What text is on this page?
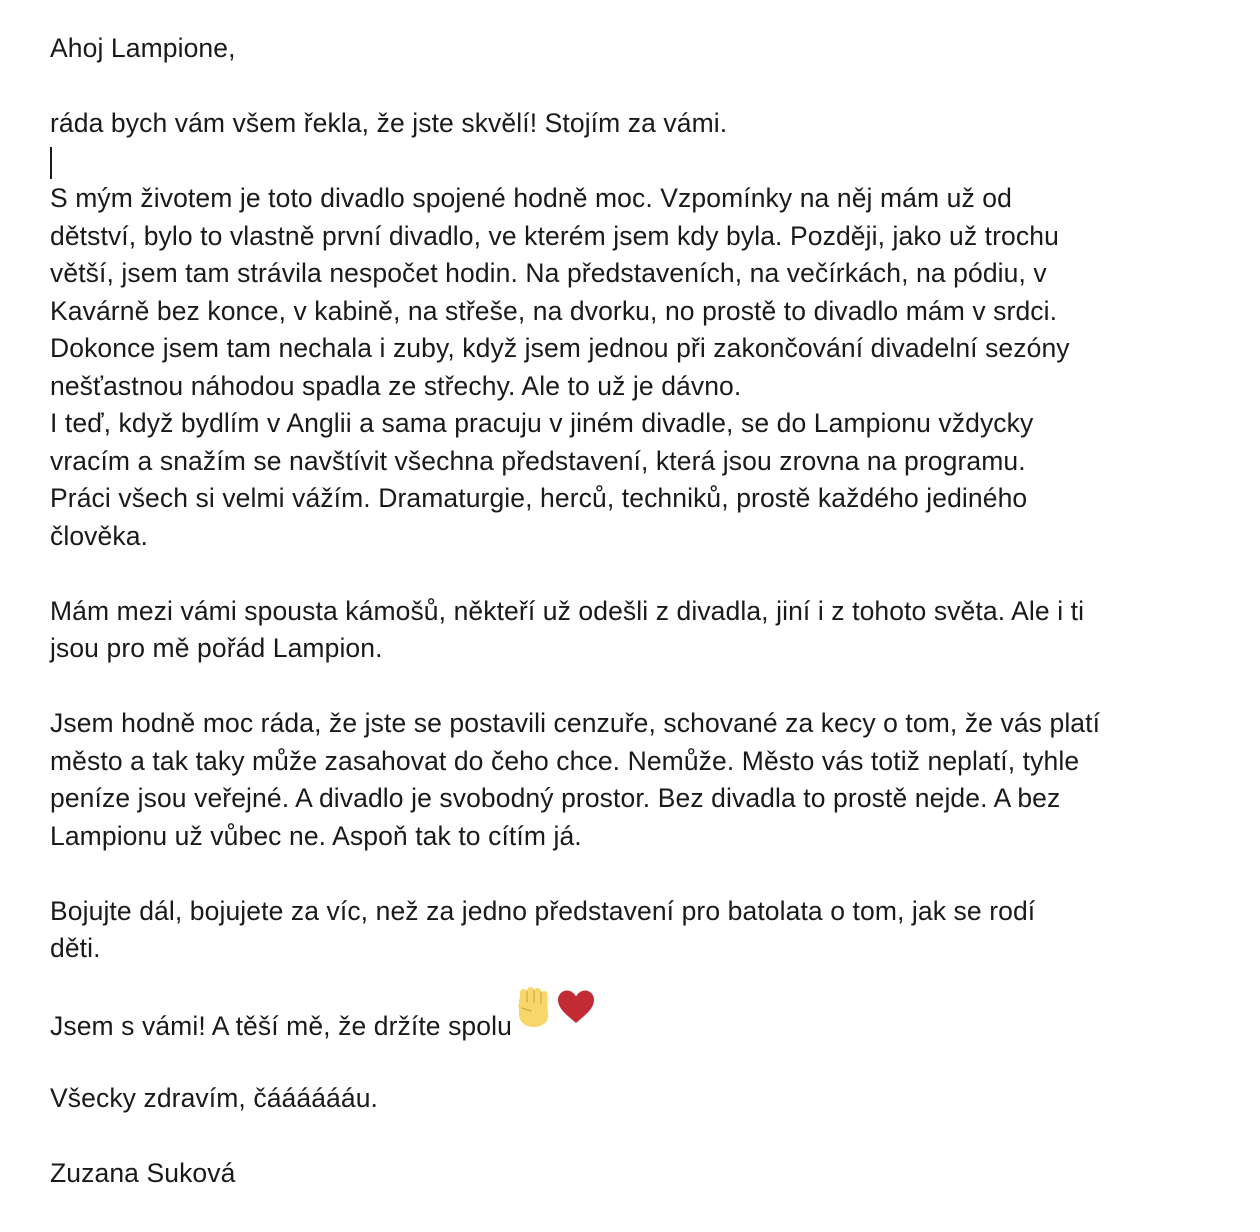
Ahoj Lampione,
ráda bych vám všem řekla, že jste skvělí! Stojím za vámi.
S mým životem je toto divadlo spojené hodně moc. Vzpomínky na něj mám už od
dětství, bylo to vlastně první divadlo, ve kterém jsem kdy byla. Později, jako už trochu
větší, jsem tam strávila nespočet hodin. Na představeních, na večírkách, na pódiu, v
Kavárně bez konce, v kabině, na střeše, na dvorku, no prostě to divadlo mám v srdci.
Dokonce jsem tam nechala i zuby, když jsem jednou při zakončování divadelní sezóny
nešťastnou náhodou spadla ze střechy. Ale to už je dávno.
I teď, když bydlím v Anglii a sama pracuju v jiném divadle, se do Lampionu vždycky
vracím a snažím se navštívit všechna představení, která jsou zrovna na programu.
Práci všech si velmi vážím. Dramaturgie, herců, techniků, prostě každého jediného
člověka.
Mám mezi vámi spousta kámošů, někteří už odešli z divadla, jiní i z tohoto světa. Ale i ti
jsou pro mě pořád Lampion.
Jsem hodně moc ráda, že jste se postavili cenzuře, schované za kecy o tom, že vás platí
město a tak taky může zasahovat do čeho chce. Nemůže. Město vás totiž neplatí, tyhle
peníze jsou veřejné. A divadlo je svobodný prostor. Bez divadla to prostě nejde. A bez
Lampionu už vůbec ne. Aspoň tak to cítím já.
Bojujte dál, bojujete za víc, než za jedno představení pro batolata o tom, jak se rodí
děti.
Jsem s vámi! A těší mě, že držíte spolu
Všecky zdravím, čááááááu.
Zuzana Suková
